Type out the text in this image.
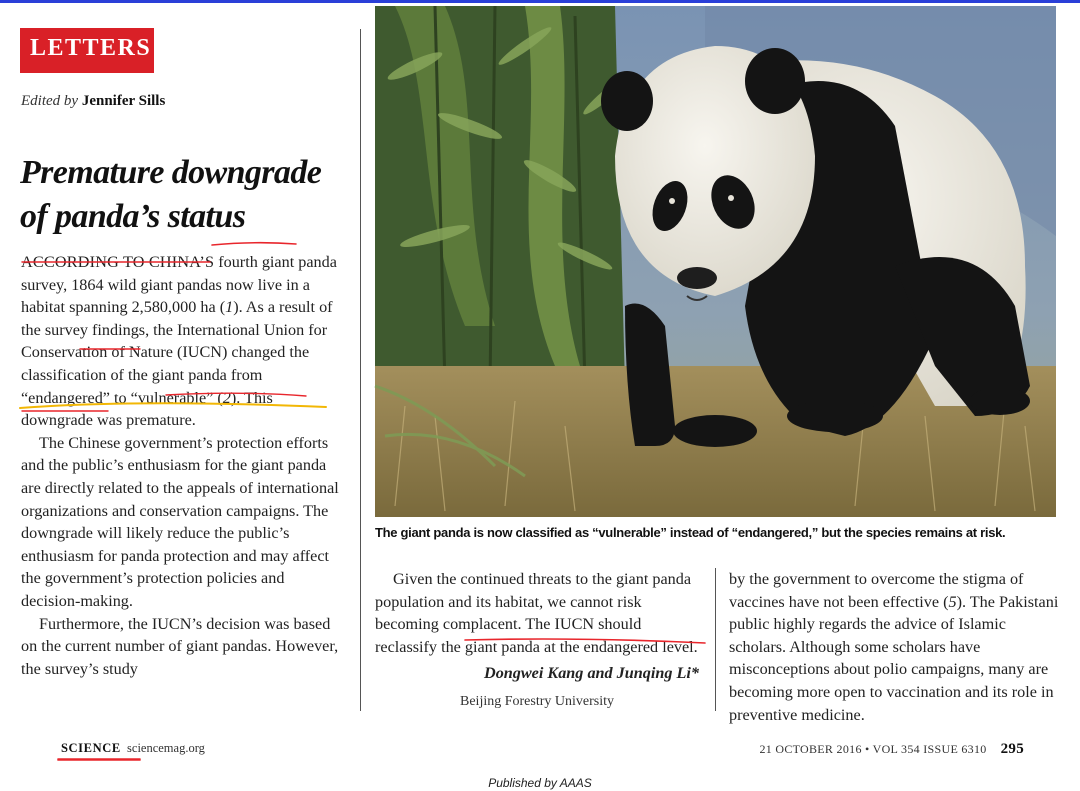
LETTERS
Edited by Jennifer Sills
Premature downgrade
of panda’s status

ACCORDING TO CHINA’S fourth giant panda survey, 1864 wild giant pandas now live in a habitat spanning 2,580,000 ha (1). As a result of the survey findings, the International Union for Conservation of Nature (IUCN) changed the classification of the giant panda from “endangered” to “vulnerable” (2). This downgrade was premature.

The Chinese government’s protection efforts and the public’s enthusiasm for the giant panda are directly related to the appeals of international organizations and conservation campaigns. The downgrade will likely reduce the public’s enthusiasm for panda protection and may affect the government’s protection policies and decision-making.

Furthermore, the IUCN’s decision was based on the current number of giant pandas. However, the survey’s study

The giant panda is now classified as “vulnerable” instead of “endangered,” but the species remains at risk.

Given the continued threats to the giant panda population and its habitat, we cannot risk becoming complacent. The IUCN should reclassify the giant panda at the endangered level.

Dongwei Kang and Junqing Li*
Beijing Forestry University

by the government to overcome the stigma of vaccines have not been effective (5). The Pakistani public highly regards the advice of Islamic scholars. Although some scholars have misconceptions about polio campaigns, many are becoming more open to vaccination and its role in preventive medicine.

SCIENCE sciencemag.org	21 OCTOBER 2016 • VOL 354 ISSUE 6310 295
Published by AAAS
